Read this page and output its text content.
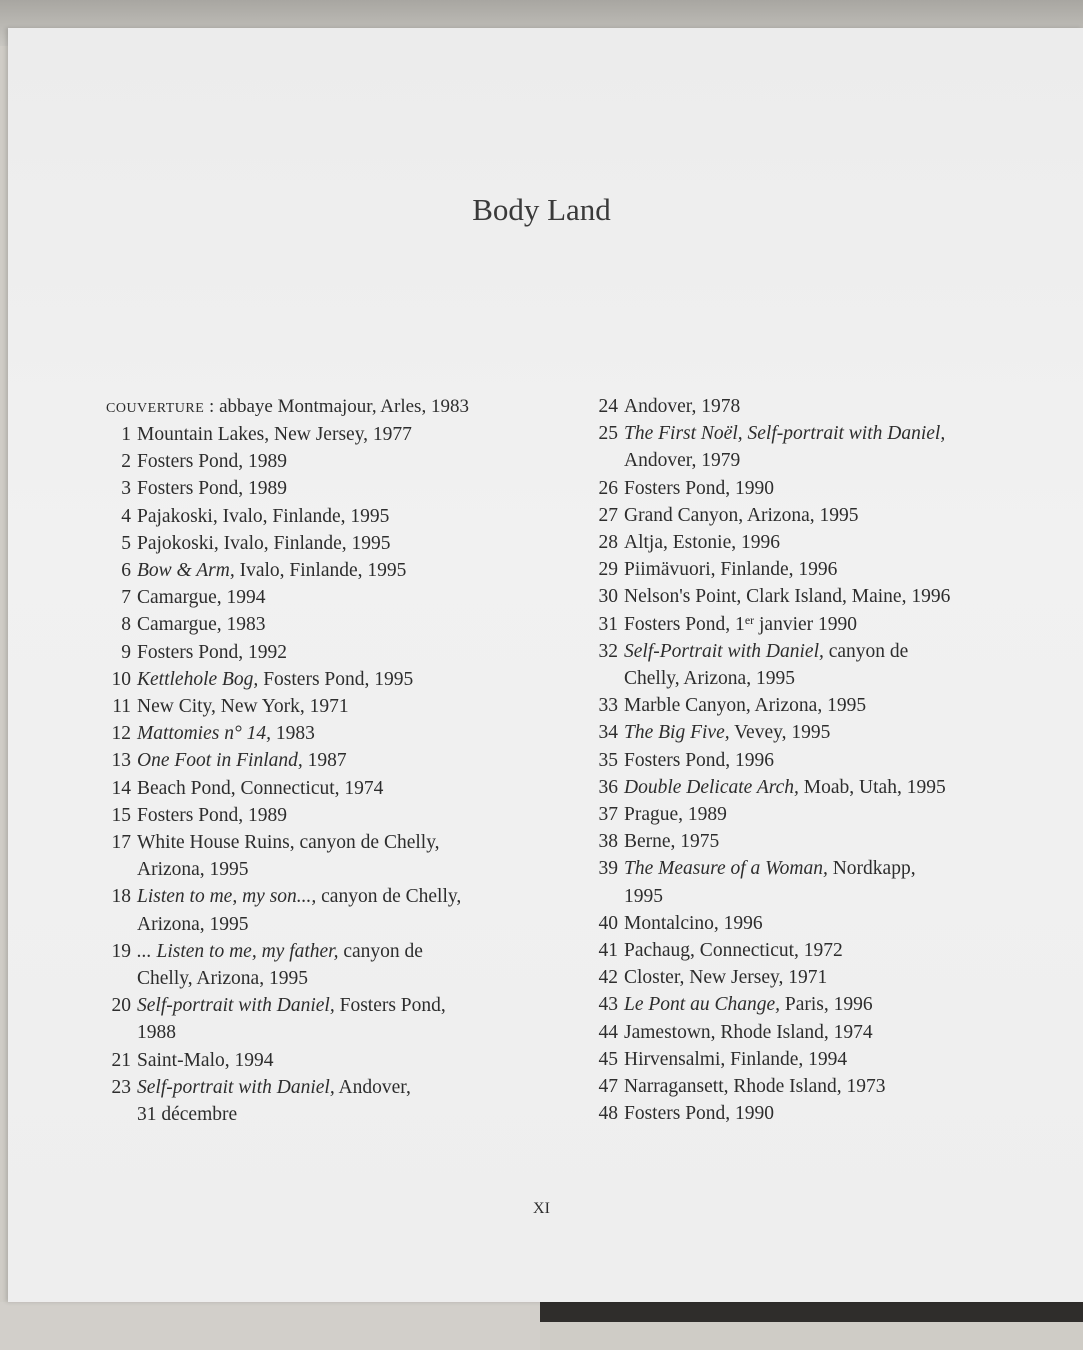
Body Land
COUVERTURE : abbaye Montmajour, Arles, 1983
1 Mountain Lakes, New Jersey, 1977
2 Fosters Pond, 1989
3 Fosters Pond, 1989
4 Pajakoski, Ivalo, Finlande, 1995
5 Pajokoski, Ivalo, Finlande, 1995
6 Bow & Arm, Ivalo, Finlande, 1995
7 Camargue, 1994
8 Camargue, 1983
9 Fosters Pond, 1992
10 Kettlehole Bog, Fosters Pond, 1995
11 New City, New York, 1971
12 Mattomies n° 14, 1983
13 One Foot in Finland, 1987
14 Beach Pond, Connecticut, 1974
15 Fosters Pond, 1989
17 White House Ruins, canyon de Chelly,
Arizona, 1995
18 Listen to me, my son..., canyon de Chelly,
Arizona, 1995
19 ... Listen to me, my father, canyon de
Chelly, Arizona, 1995
20 Self-portrait with Daniel, Fosters Pond,
1988
21 Saint-Malo, 1994
23 Self-portrait with Daniel, Andover,
31 décembre
24 Andover, 1978
25 The First Noël, Self-portrait with Daniel,
Andover, 1979
26 Fosters Pond, 1990
27 Grand Canyon, Arizona, 1995
28 Altja, Estonie, 1996
29 Piimävuori, Finlande, 1996
30 Nelson's Point, Clark Island, Maine, 1996
31 Fosters Pond, 1er janvier 1990
32 Self-Portrait with Daniel, canyon de
Chelly, Arizona, 1995
33 Marble Canyon, Arizona, 1995
34 The Big Five, Vevey, 1995
35 Fosters Pond, 1996
36 Double Delicate Arch, Moab, Utah, 1995
37 Prague, 1989
38 Berne, 1975
39 The Measure of a Woman, Nordkapp,
1995
40 Montalcino, 1996
41 Pachaug, Connecticut, 1972
42 Closter, New Jersey, 1971
43 Le Pont au Change, Paris, 1996
44 Jamestown, Rhode Island, 1974
45 Hirvensalmi, Finlande, 1994
47 Narragansett, Rhode Island, 1973
48 Fosters Pond, 1990
XI
